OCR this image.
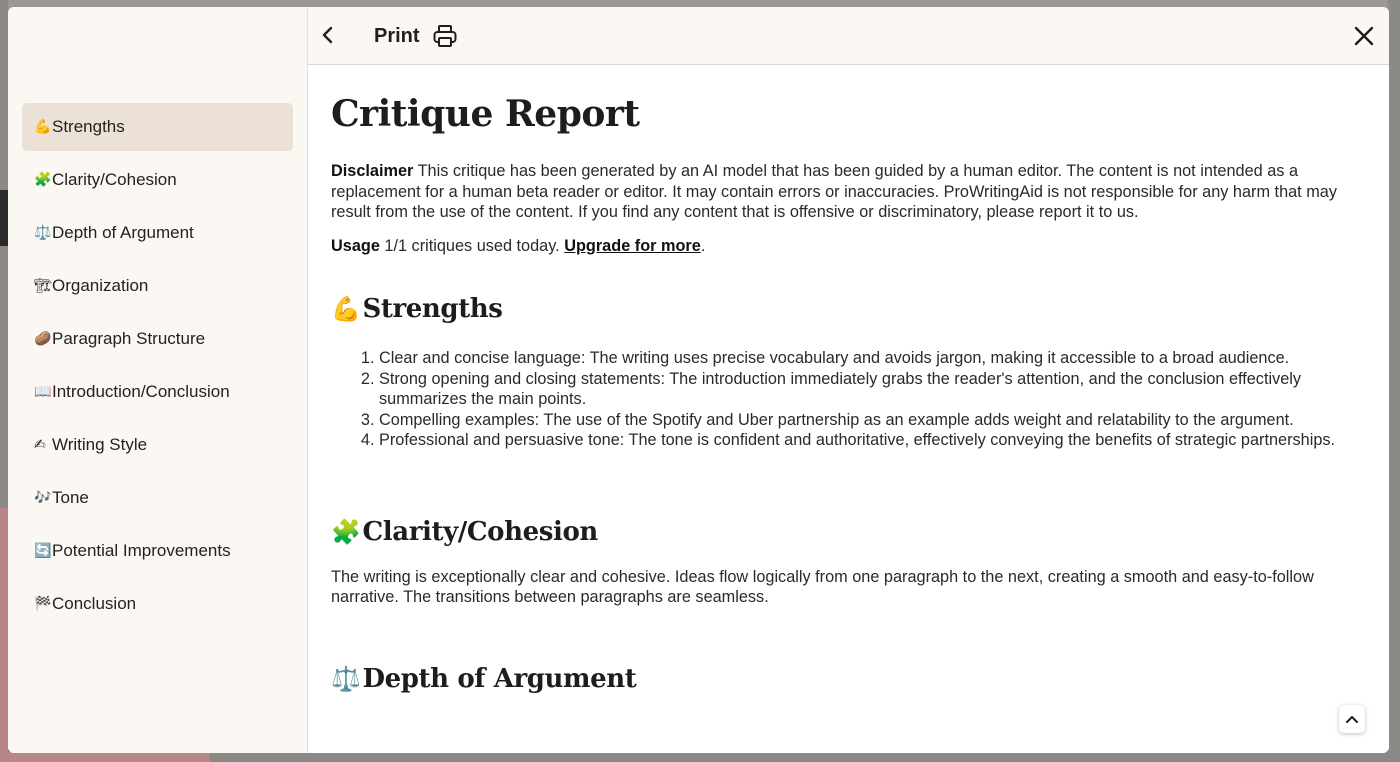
💪 Strengths
🧩 Clarity/Cohesion
⚖️ Depth of Argument
🏗 Organization
🥔 Paragraph Structure
📖 Introduction/Conclusion
✍ Writing Style
🎶 Tone
🔄 Potential Improvements
🏁 Conclusion
Print
Critique Report

Disclaimer This critique has been generated by an AI model that has been guided by a human editor. The content is not intended as a replacement for a human beta reader or editor. It may contain errors or inaccuracies. ProWritingAid is not responsible for any harm that may result from the use of the content. If you find any content that is offensive or discriminatory, please report it to us.

Usage 1/1 critiques used today. Upgrade for more.

💪 Strengths
1. Clear and concise language: The writing uses precise vocabulary and avoids jargon, making it accessible to a broad audience.
2. Strong opening and closing statements: The introduction immediately grabs the reader's attention, and the conclusion effectively summarizes the main points.
3. Compelling examples: The use of the Spotify and Uber partnership as an example adds weight and relatability to the argument.
4. Professional and persuasive tone: The tone is confident and authoritative, effectively conveying the benefits of strategic partnerships.
🧩 Clarity/Cohesion

The writing is exceptionally clear and cohesive. Ideas flow logically from one paragraph to the next, creating a smooth and easy-to-follow narrative. The transitions between paragraphs are seamless.

⚖️ Depth of Argument
